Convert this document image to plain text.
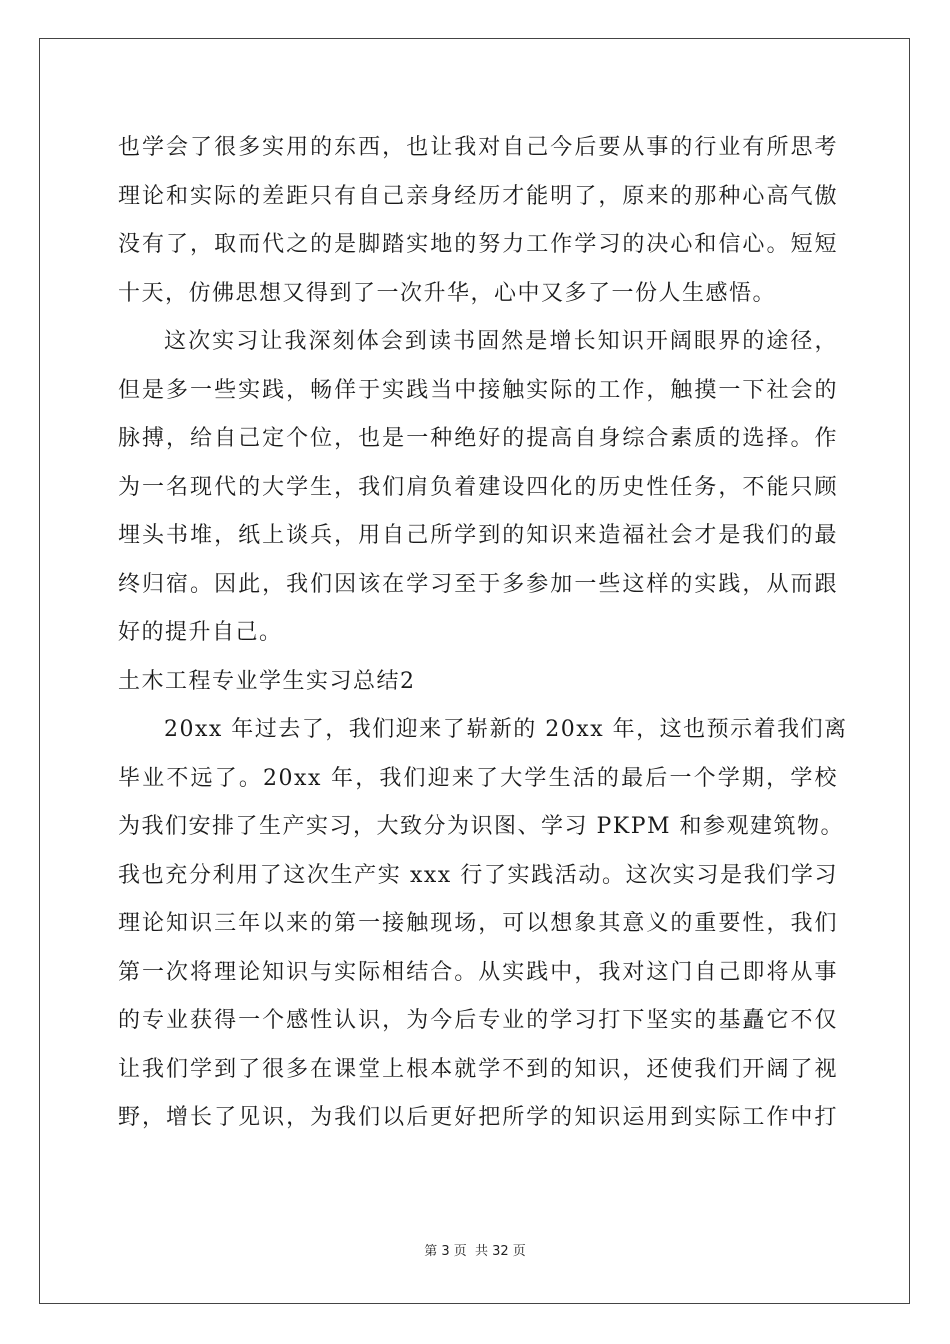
也学会了很多实用的东西，也让我对自己今后要从事的行业有所思考
理论和实际的差距只有自己亲身经历才能明了，原来的那种心高气傲
没有了，取而代之的是脚踏实地的努力工作学习的决心和信心。短短
十天，仿佛思想又得到了一次升华，心中又多了一份人生感悟。
这次实习让我深刻体会到读书固然是增长知识开阔眼界的途径，
但是多一些实践，畅佯于实践当中接触实际的工作，触摸一下社会的
脉搏，给自己定个位，也是一种绝好的提高自身综合素质的选择。作
为一名现代的大学生，我们肩负着建设四化的历史性任务，不能只顾
埋头书堆，纸上谈兵，用自己所学到的知识来造福社会才是我们的最
终归宿。因此，我们因该在学习至于多参加一些这样的实践，从而跟
好的提升自己。
土木工程专业学生实习总结2
20xx 年过去了，我们迎来了崭新的 20xx 年，这也预示着我们离
毕业不远了。20xx 年，我们迎来了大学生活的最后一个学期，学校
为我们安排了生产实习，大致分为识图、学习 PKPM 和参观建筑物。
我也充分利用了这次生产实 xxx 行了实践活动。这次实习是我们学习
理论知识三年以来的第一接触现场，可以想象其意义的重要性，我们
第一次将理论知识与实际相结合。从实践中，我对这门自己即将从事
的专业获得一个感性认识，为今后专业的学习打下坚实的基矗它不仅
让我们学到了很多在课堂上根本就学不到的知识，还使我们开阔了视
野，增长了见识，为我们以后更好把所学的知识运用到实际工作中打
第 3 页 共 32 页
